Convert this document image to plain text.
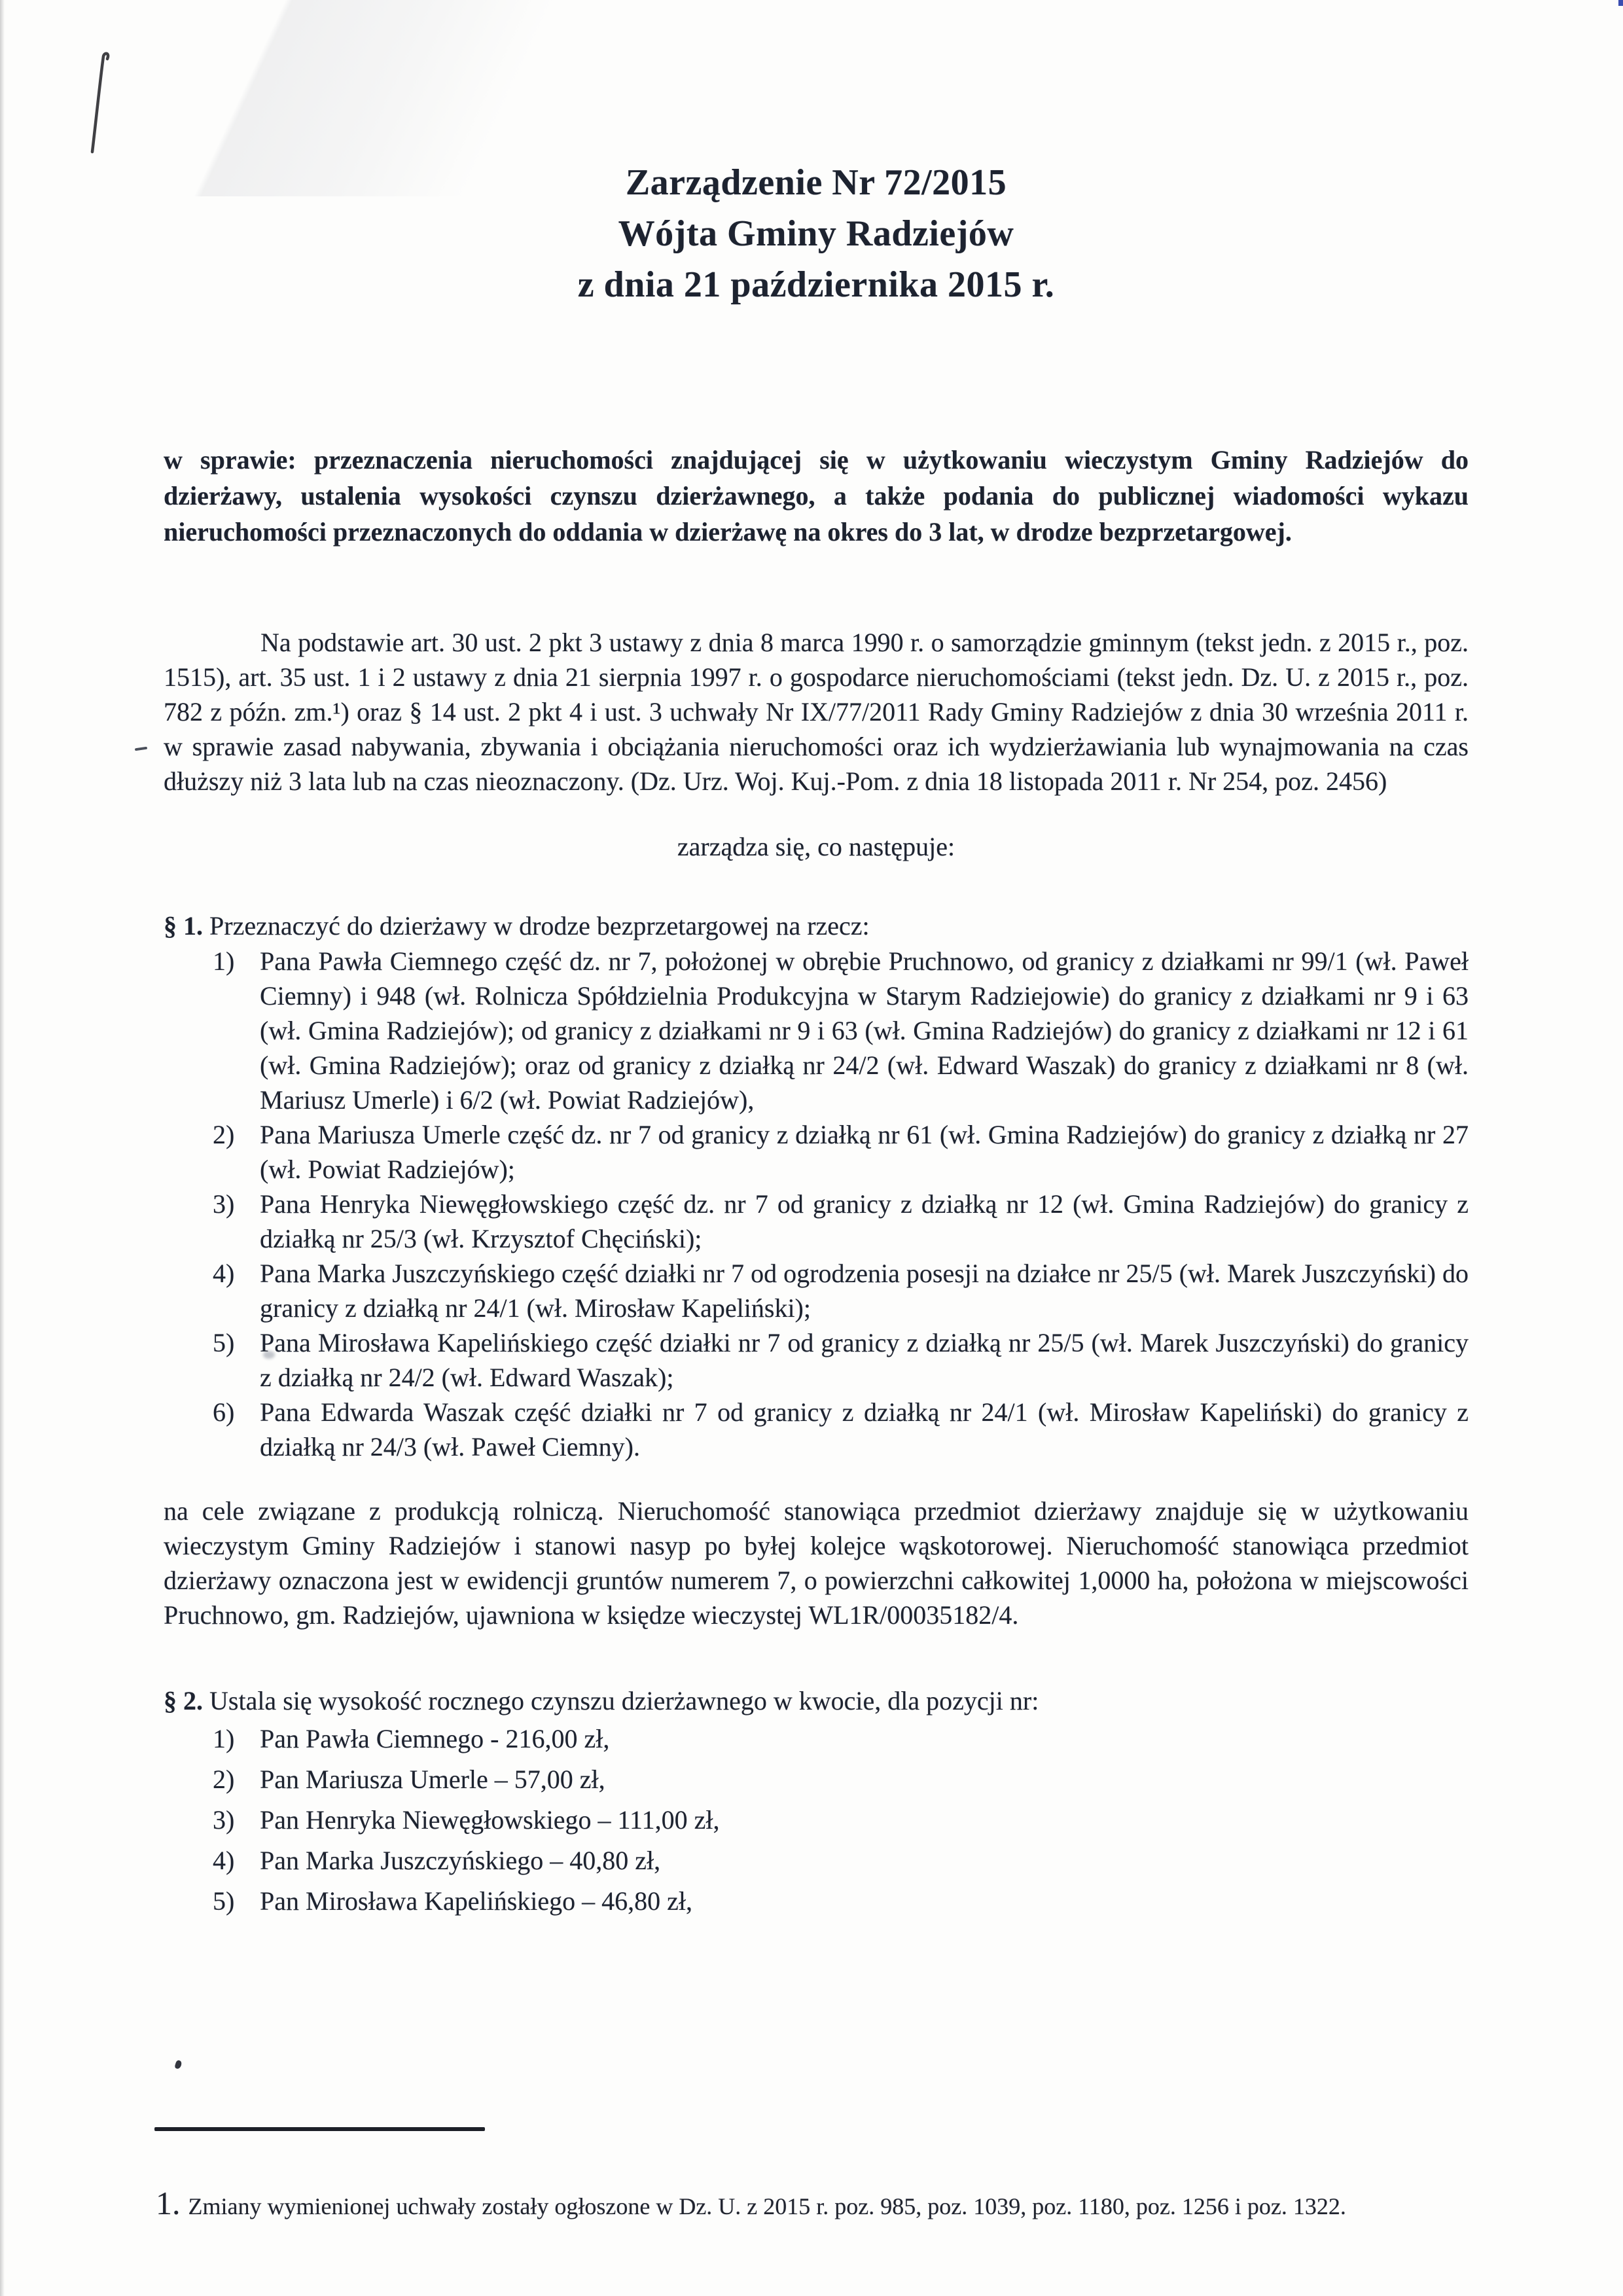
Zarządzenie Nr 72/2015
Wójta Gminy Radziejów
z dnia 21 października 2015 r.

w sprawie: przeznaczenia nieruchomości znajdującej się w użytkowaniu wieczystym Gminy Radziejów do dzierżawy, ustalenia wysokości czynszu dzierżawnego, a także podania do publicznej wiadomości wykazu nieruchomości przeznaczonych do oddania w dzierżawę na okres do 3 lat, w drodze bezprzetargowej.

Na podstawie art. 30 ust. 2 pkt 3 ustawy z dnia 8 marca 1990 r. o samorządzie gminnym (tekst jedn. z 2015 r., poz. 1515), art. 35 ust. 1 i 2 ustawy z dnia 21 sierpnia 1997 r. o gospodarce nieruchomościami (tekst jedn. Dz. U. z 2015 r., poz. 782 z późn. zm.¹) oraz § 14 ust. 2 pkt 4 i ust. 3 uchwały Nr IX/77/2011 Rady Gminy Radziejów z dnia 30 września 2011 r. w sprawie zasad nabywania, zbywania i obciążania nieruchomości oraz ich wydzierżawiania lub wynajmowania na czas dłuższy niż 3 lata lub na czas nieoznaczony. (Dz. Urz. Woj. Kuj.-Pom. z dnia 18 listopada 2011 r. Nr 254, poz. 2456)

zarządza się, co następuje:

§ 1. Przeznaczyć do dzierżawy w drodze bezprzetargowej na rzecz:

1) Pana Pawła Ciemnego część dz. nr 7, położonej w obrębie Pruchnowo, od granicy z działkami nr 99/1 (wł. Paweł Ciemny) i 948 (wł. Rolnicza Spółdzielnia Produkcyjna w Starym Radziejowie) do granicy z działkami nr 9 i 63 (wł. Gmina Radziejów); od granicy z działkami nr 9 i 63 (wł. Gmina Radziejów) do granicy z działkami nr 12 i 61 (wł. Gmina Radziejów); oraz od granicy z działką nr 24/2 (wł. Edward Waszak) do granicy z działkami nr 8 (wł. Mariusz Umerle) i 6/2 (wł. Powiat Radziejów),
2) Pana Mariusza Umerle część dz. nr 7 od granicy z działką nr 61 (wł. Gmina Radziejów) do granicy z działką nr 27 (wł. Powiat Radziejów);
3) Pana Henryka Niewęgłowskiego część dz. nr 7 od granicy z działką nr 12 (wł. Gmina Radziejów) do granicy z działką nr 25/3 (wł. Krzysztof Chęciński);
4) Pana Marka Juszczyńskiego część działki nr 7 od ogrodzenia posesji na działce nr 25/5 (wł. Marek Juszczyński) do granicy z działką nr 24/1 (wł. Mirosław Kapeliński);
5) Pana Mirosława Kapelińskiego część działki nr 7 od granicy z działką nr 25/5 (wł. Marek Juszczyński) do granicy z działką nr 24/2 (wł. Edward Waszak);
6) Pana Edwarda Waszak część działki nr 7 od granicy z działką nr 24/1 (wł. Mirosław Kapeliński) do granicy z działką nr 24/3 (wł. Paweł Ciemny).

na cele związane z produkcją rolniczą. Nieruchomość stanowiąca przedmiot dzierżawy znajduje się w użytkowaniu wieczystym Gminy Radziejów i stanowi nasyp po byłej kolejce wąskotorowej. Nieruchomość stanowiąca przedmiot dzierżawy oznaczona jest w ewidencji gruntów numerem 7, o powierzchni całkowitej 1,0000 ha, położona w miejscowości Pruchnowo, gm. Radziejów, ujawniona w księdze wieczystej WL1R/00035182/4.

§ 2. Ustala się wysokość rocznego czynszu dzierżawnego w kwocie, dla pozycji nr:

1) Pan Pawła Ciemnego - 216,00 zł,
2) Pan Mariusza Umerle – 57,00 zł,
3) Pan Henryka Niewęgłowskiego – 111,00 zł,
4) Pan Marka Juszczyńskiego – 40,80 zł,
5) Pan Mirosława Kapelińskiego – 46,80 zł,

1. Zmiany wymienionej uchwały zostały ogłoszone w Dz. U. z 2015 r. poz. 985, poz. 1039, poz. 1180, poz. 1256 i poz. 1322.
